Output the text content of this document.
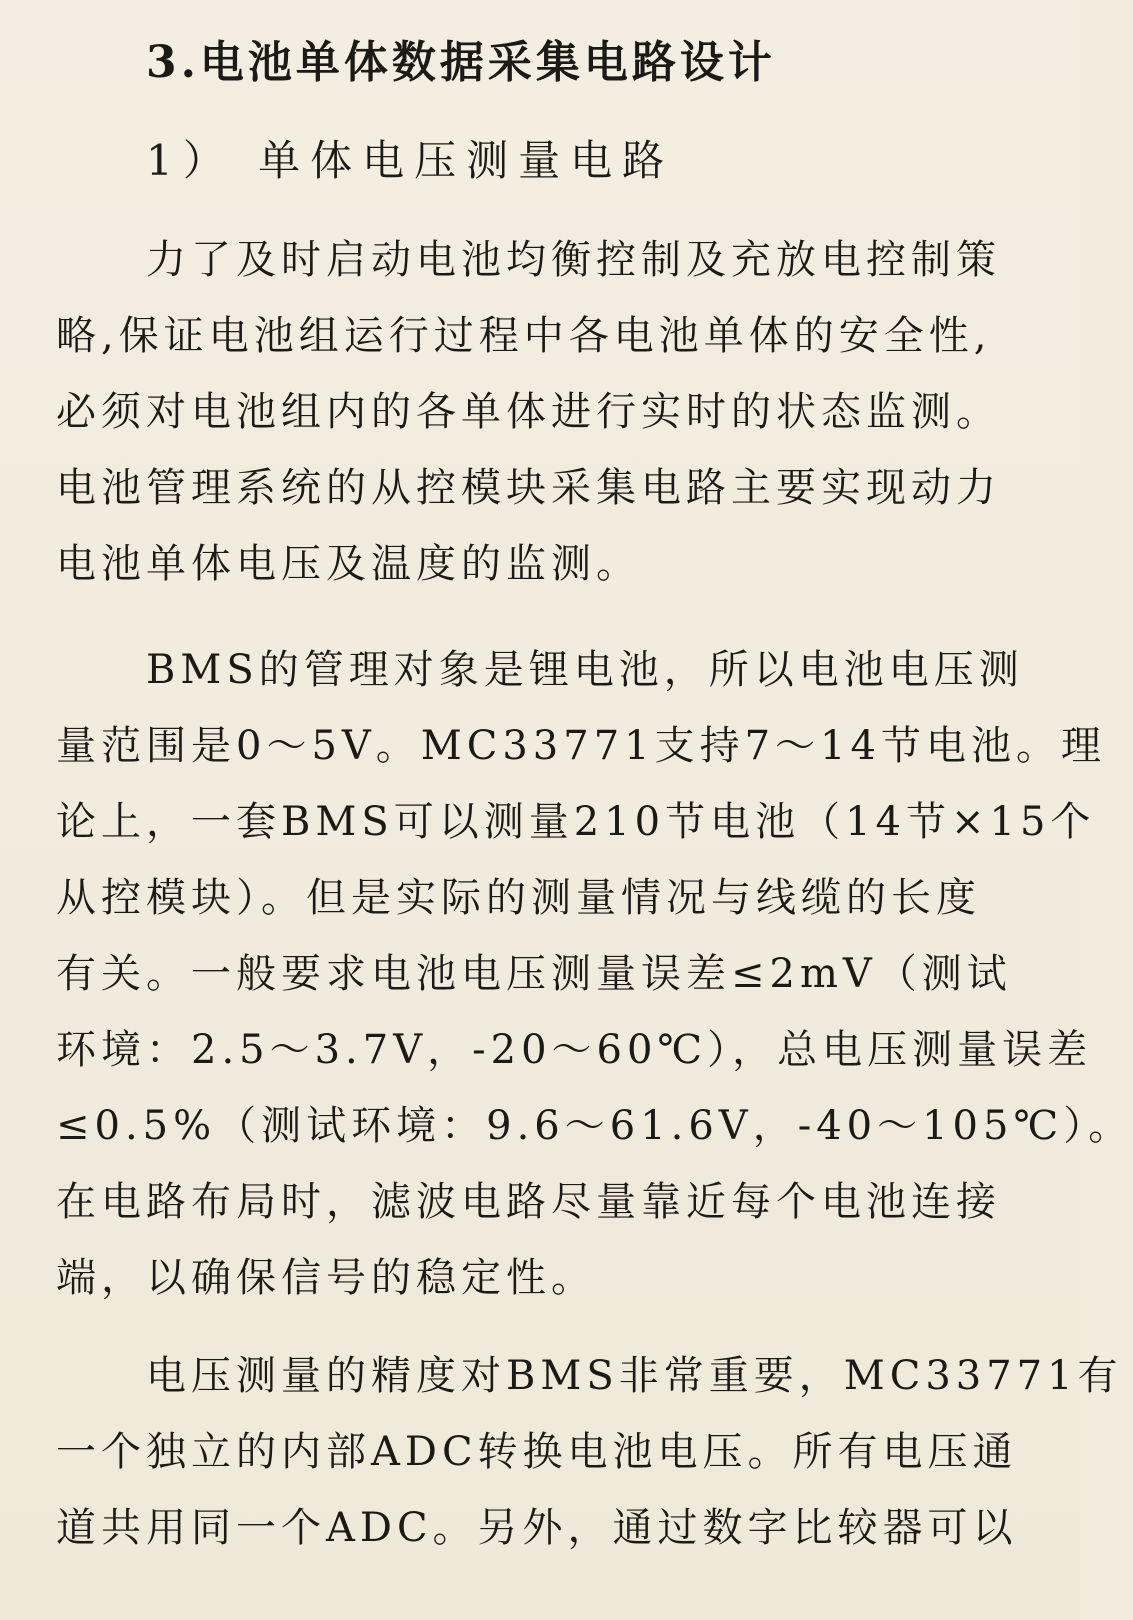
3.电池单体数据采集电路设计
1） 单体电压测量电路
力了及时启动电池均衡控制及充放电控制策
略,保证电池组运行过程中各电池单体的安全性,
必须对电池组内的各单体进行实时的状态监测。
电池管理系统的从控模块采集电路主要实现动力
电池单体电压及温度的监测。
BMS的管理对象是锂电池，所以电池电压测
量范围是0～5V。MC33771支持7～14节电池。理
论上，一套BMS可以测量210节电池（14节×15个
从控模块）。但是实际的测量情况与线缆的长度
有关。一般要求电池电压测量误差≤2mV（测试
环境：2.5～3.7V，-20～60℃），总电压测量误差
≤0.5%（测试环境：9.6～61.6V，-40～105℃）。
在电路布局时，滤波电路尽量靠近每个电池连接
端，以确保信号的稳定性。
电压测量的精度对BMS非常重要，MC33771有
一个独立的内部ADC转换电池电压。所有电压通
道共用同一个ADC。另外，通过数字比较器可以
